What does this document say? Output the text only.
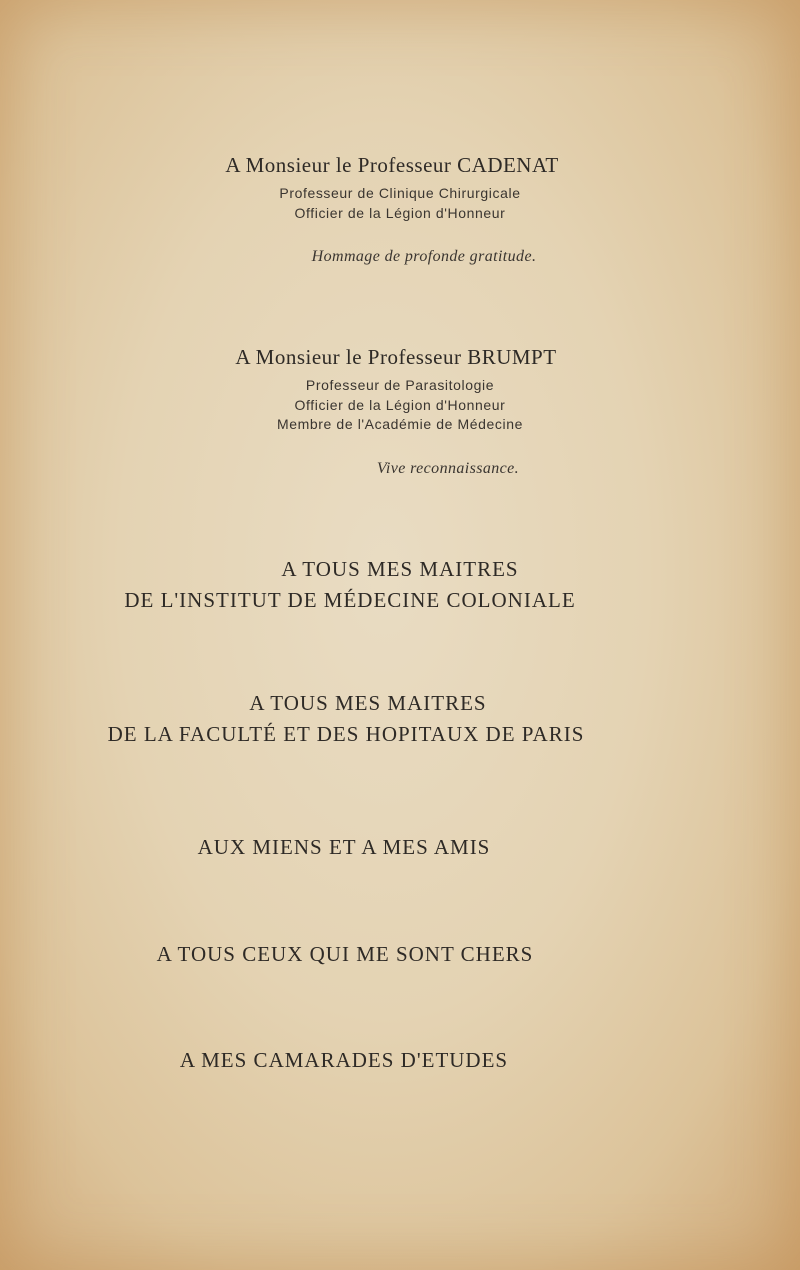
A Monsieur le Professeur CADENAT
Professeur de Clinique Chirurgicale
Officier de la Légion d'Honneur
Hommage de profonde gratitude.
A Monsieur le Professeur BRUMPT
Professeur de Parasitologie
Officier de la Légion d'Honneur
Membre de l'Académie de Médecine
Vive reconnaissance.
A TOUS MES MAITRES
DE L'INSTITUT DE MÉDECINE COLONIALE
A TOUS MES MAITRES
DE LA FACULTÉ ET DES HOPITAUX DE PARIS
AUX MIENS ET A MES AMIS
A TOUS CEUX QUI ME SONT CHERS
A MES CAMARADES D'ETUDES
